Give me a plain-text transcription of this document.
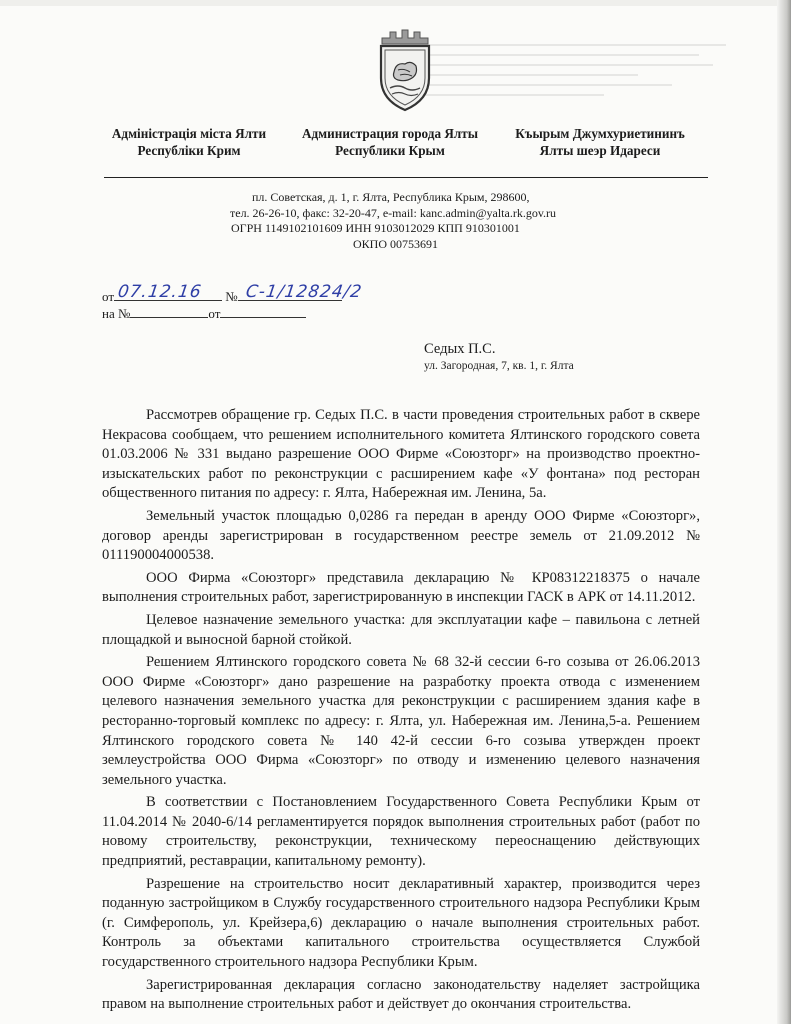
Адміністрація міста Ялти
Республіки Крим
Администрация города Ялты
Республики Крым
Къырым Джумхуриетининъ
Ялты шеэр Идареси
пл. Советская, д. 1, г. Ялта, Республика Крым, 298600,
тел. 26-26-10, факс: 32-20-47, e-mail: kanc.admin@yalta.rk.gov.ru
ОГРН 1149102101609 ИНН 9103012029 КПП 910301001
ОКПО 00753691
от	№
на №	от
07.12.16 С-1/12824/2
Седых П.С.
ул. Загородная, 7, кв. 1, г. Ялта

Рассмотрев обращение гр. Седых П.С. в части проведения строительных работ в сквере Некрасова сообщаем, что решением исполнительного комитета Ялтинского городского совета 01.03.2006 № 331 выдано разрешение ООО Фирме «Союзторг» на производство проектно-изыскательских работ по реконструкции с расширением кафе «У фонтана» под ресторан общественного питания по адресу: г. Ялта, Набережная им. Ленина, 5а.

Земельный участок площадью 0,0286 га передан в аренду ООО Фирме «Союзторг», договор аренды зарегистрирован в государственном реестре земель от 21.09.2012 № 011190004000538.

ООО Фирма «Союзторг» представила декларацию № КР08312218375 о начале выполнения строительных работ, зарегистрированную в инспекции ГАСК в АРК от 14.11.2012.

Целевое назначение земельного участка: для эксплуатации кафе – павильона с летней площадкой и выносной барной стойкой.

Решением Ялтинского городского совета № 68 32-й сессии 6-го созыва от 26.06.2013 ООО Фирме «Союзторг» дано разрешение на разработку проекта отвода с изменением целевого назначения земельного участка для реконструкции с расширением здания кафе в ресторанно-торговый комплекс по адресу: г. Ялта, ул. Набережная им. Ленина,5-а. Решением Ялтинского городского совета № 140 42-й сессии 6-го созыва утвержден проект землеустройства ООО Фирма «Союзторг» по отводу и изменению целевого назначения земельного участка.

В соответствии с Постановлением Государственного Совета Республики Крым от 11.04.2014 № 2040-6/14 регламентируется порядок выполнения строительных работ (работ по новому строительству, реконструкции, техническому переоснащению действующих предприятий, реставрации, капитальному ремонту).

Разрешение на строительство носит декларативный характер, производится через поданную застройщиком в Службу государственного строительного надзора Республики Крым (г. Симферополь, ул. Крейзера,6) декларацию о начале выполнения строительных работ. Контроль за объектами капитального строительства осуществляется Службой государственного строительного надзора Республики Крым.

Зарегистрированная декларация согласно законодательству наделяет застройщика правом на выполнение строительных работ и действует до окончания строительства.
